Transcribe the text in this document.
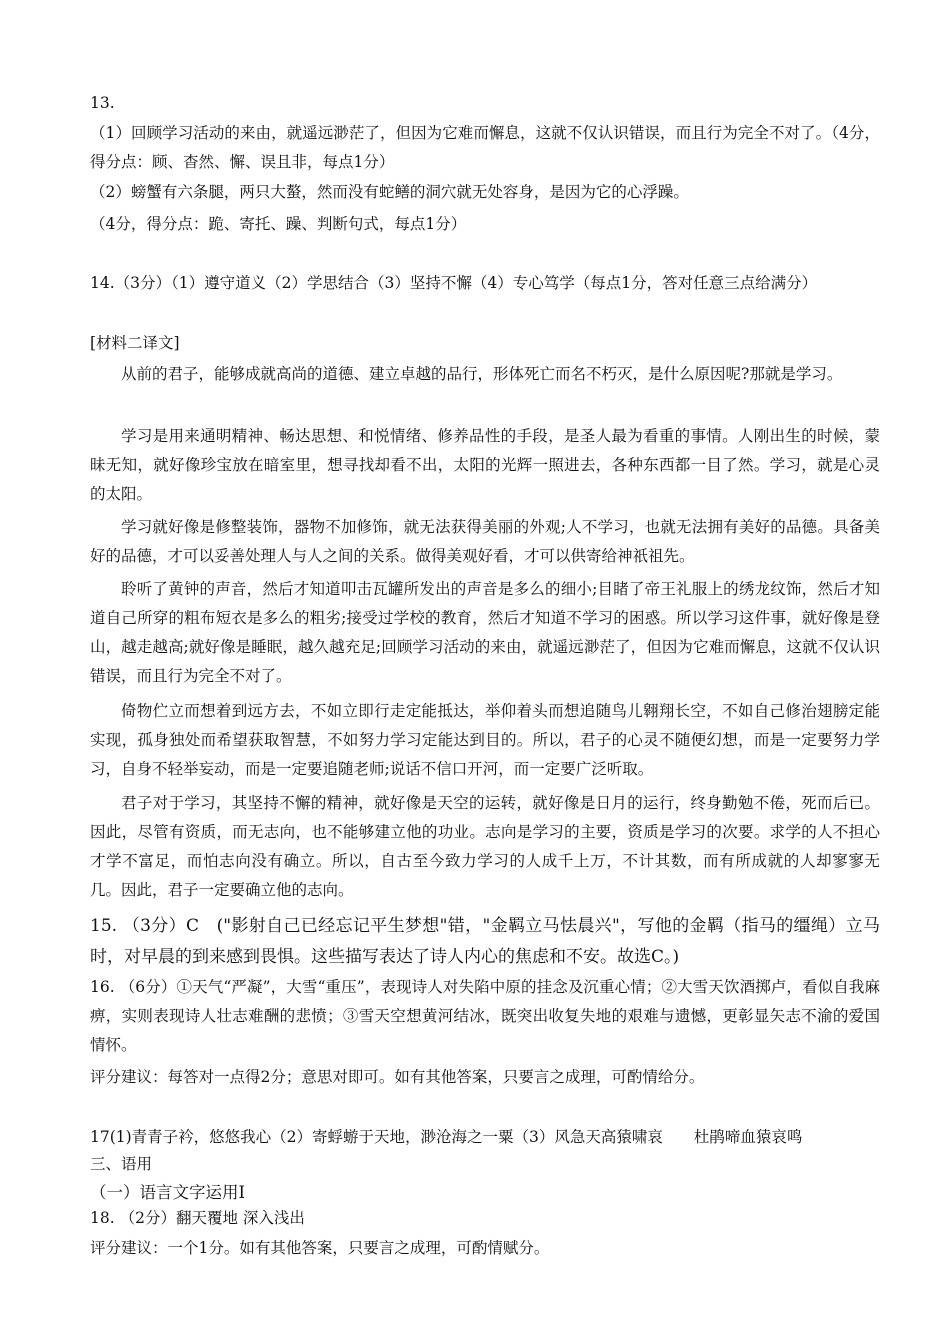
13.

（1）回顾学习活动的来由，就遥远渺茫了，但因为它难而懈息，这就不仅认识错误，而且行为完全不对了。（4分，得分点：顾、杳然、懈、误且非，每点1分）

（2）螃蟹有六条腿，两只大螯，然而没有蛇鳝的洞穴就无处容身，是因为它的心浮躁。

（4分，得分点：跪、寄托、躁、判断句式，每点1分）

14.（3分）（1）遵守道义（2）学思结合（3）坚持不懈（4）专心笃学（每点1分，答对任意三点给满分）

[材料二译文]

从前的君子，能够成就高尚的道德、建立卓越的品行，形体死亡而名不朽灭，是什么原因呢?那就是学习。

学习是用来通明精神、畅达思想、和悦情绪、修养品性的手段，是圣人最为看重的事情。人刚出生的时候，蒙昧无知，就好像珍宝放在暗室里，想寻找却看不出，太阳的光辉一照进去，各种东西都一目了然。学习，就是心灵的太阳。

学习就好像是修整装饰，器物不加修饰，就无法获得美丽的外观;人不学习，也就无法拥有美好的品德。具备美好的品德，才可以妥善处理人与人之间的关系。做得美观好看，才可以供寄给神祇祖先。

聆听了黄钟的声音，然后才知道叩击瓦罐所发出的声音是多么的细小;目睹了帝王礼服上的绣龙纹饰，然后才知道自己所穿的粗布短衣是多么的粗劣;接受过学校的教育，然后才知道不学习的困惑。所以学习这件事，就好像是登山，越走越高;就好像是睡眠，越久越充足;回顾学习活动的来由，就遥远渺茫了，但因为它难而懈息，这就不仅认识错误，而且行为完全不对了。

倚物伫立而想着到远方去，不如立即行走定能抵达，举仰着头而想追随鸟儿翱翔长空，不如自己修治翅膀定能实现，孤身独处而希望获取智慧，不如努力学习定能达到目的。所以，君子的心灵不随便幻想，而是一定要努力学习，自身不轻举妄动，而是一定要追随老师;说话不信口开河，而一定要广泛听取。

君子对于学习，其坚持不懈的精神，就好像是天空的运转，就好像是日月的运行，终身勤勉不倦，死而后已。因此，尽管有资质，而无志向，也不能够建立他的功业。志向是学习的主要，资质是学习的次要。求学的人不担心才学不富足，而怕志向没有确立。所以，自古至今致力学习的人成千上万，不计其数，而有所成就的人却寥寥无几。因此，君子一定要确立他的志向。

15. （3分）C　("影射自己已经忘记平生梦想"错，"金羁立马怯晨兴"，写他的金羁（指马的缰绳）立马时，对早晨的到来感到畏惧。这些描写表达了诗人内心的焦虑和不安。故选C。)

16. （6分）①天气“严凝”，大雪“重压”，表现诗人对失陷中原的挂念及沉重心情；②大雪天饮酒掷卢，看似自我麻痹，实则表现诗人壮志难酬的悲愤；③雪天空想黄河结冰，既突出收复失地的艰难与遗憾，更彰显矢志不渝的爱国情怀。

评分建议：每答对一点得2分；意思对即可。如有其他答案，只要言之成理，可酌情给分。

17(1)青青子衿，悠悠我心（2）寄蜉蝣于天地，渺沧海之一粟（3）风急天高猿啸哀　　杜鹃啼血猿哀鸣

三、语用

（一）语言文字运用Ⅰ

18. （2分）翻天覆地 深入浅出

评分建议：一个1分。如有其他答案，只要言之成理，可酌情赋分。
